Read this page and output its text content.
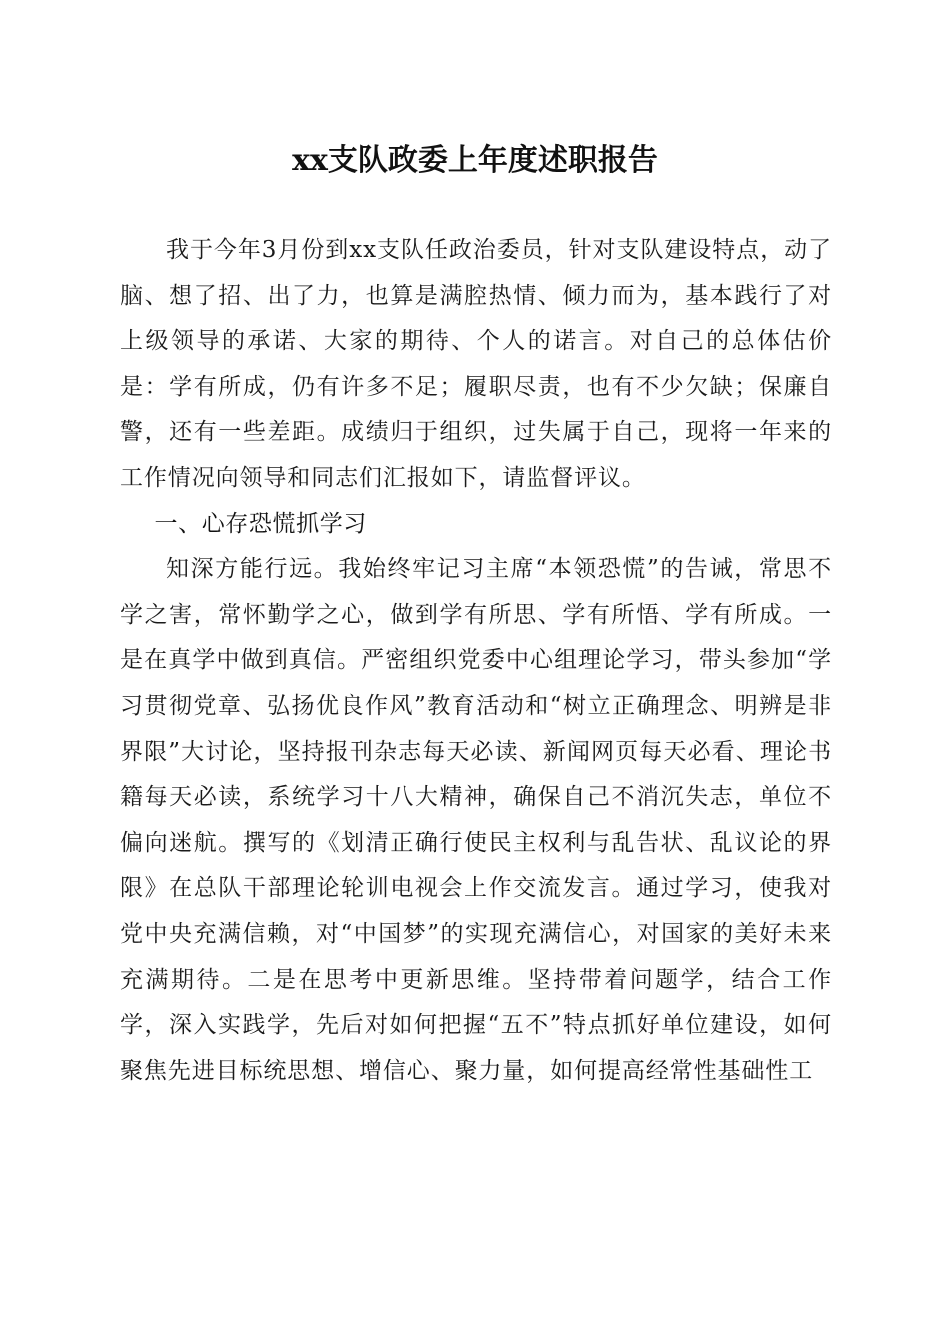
xx支队政委上年度述职报告

我于今年3月份到xx支队任政治委员，针对支队建设特点，动了脑、想了招、出了力，也算是满腔热情、倾力而为，基本践行了对上级领导的承诺、大家的期待、个人的诺言。对自己的总体估价是：学有所成，仍有许多不足；履职尽责，也有不少欠缺；保廉自警，还有一些差距。成绩归于组织，过失属于自己，现将一年来的工作情况向领导和同志们汇报如下，请监督评议。

一、心存恐慌抓学习

知深方能行远。我始终牢记习主席“本领恐慌”的告诫，常思不学之害，常怀勤学之心，做到学有所思、学有所悟、学有所成。一是在真学中做到真信。严密组织党委中心组理论学习，带头参加“学习贯彻党章、弘扬优良作风”教育活动和“树立正确理念、明辨是非界限”大讨论，坚持报刊杂志每天必读、新闻网页每天必看、理论书籍每天必读，系统学习十八大精神，确保自己不消沉失志，单位不偏向迷航。撰写的《划清正确行使民主权利与乱告状、乱议论的界限》在总队干部理论轮训电视会上作交流发言。通过学习，使我对党中央充满信赖，对“中国梦”的实现充满信心，对国家的美好未来充满期待。二是在思考中更新思维。坚持带着问题学，结合工作学，深入实践学，先后对如何把握“五不”特点抓好单位建设，如何聚焦先进目标统思想、增信心、聚力量，如何提高经常性基础性工
